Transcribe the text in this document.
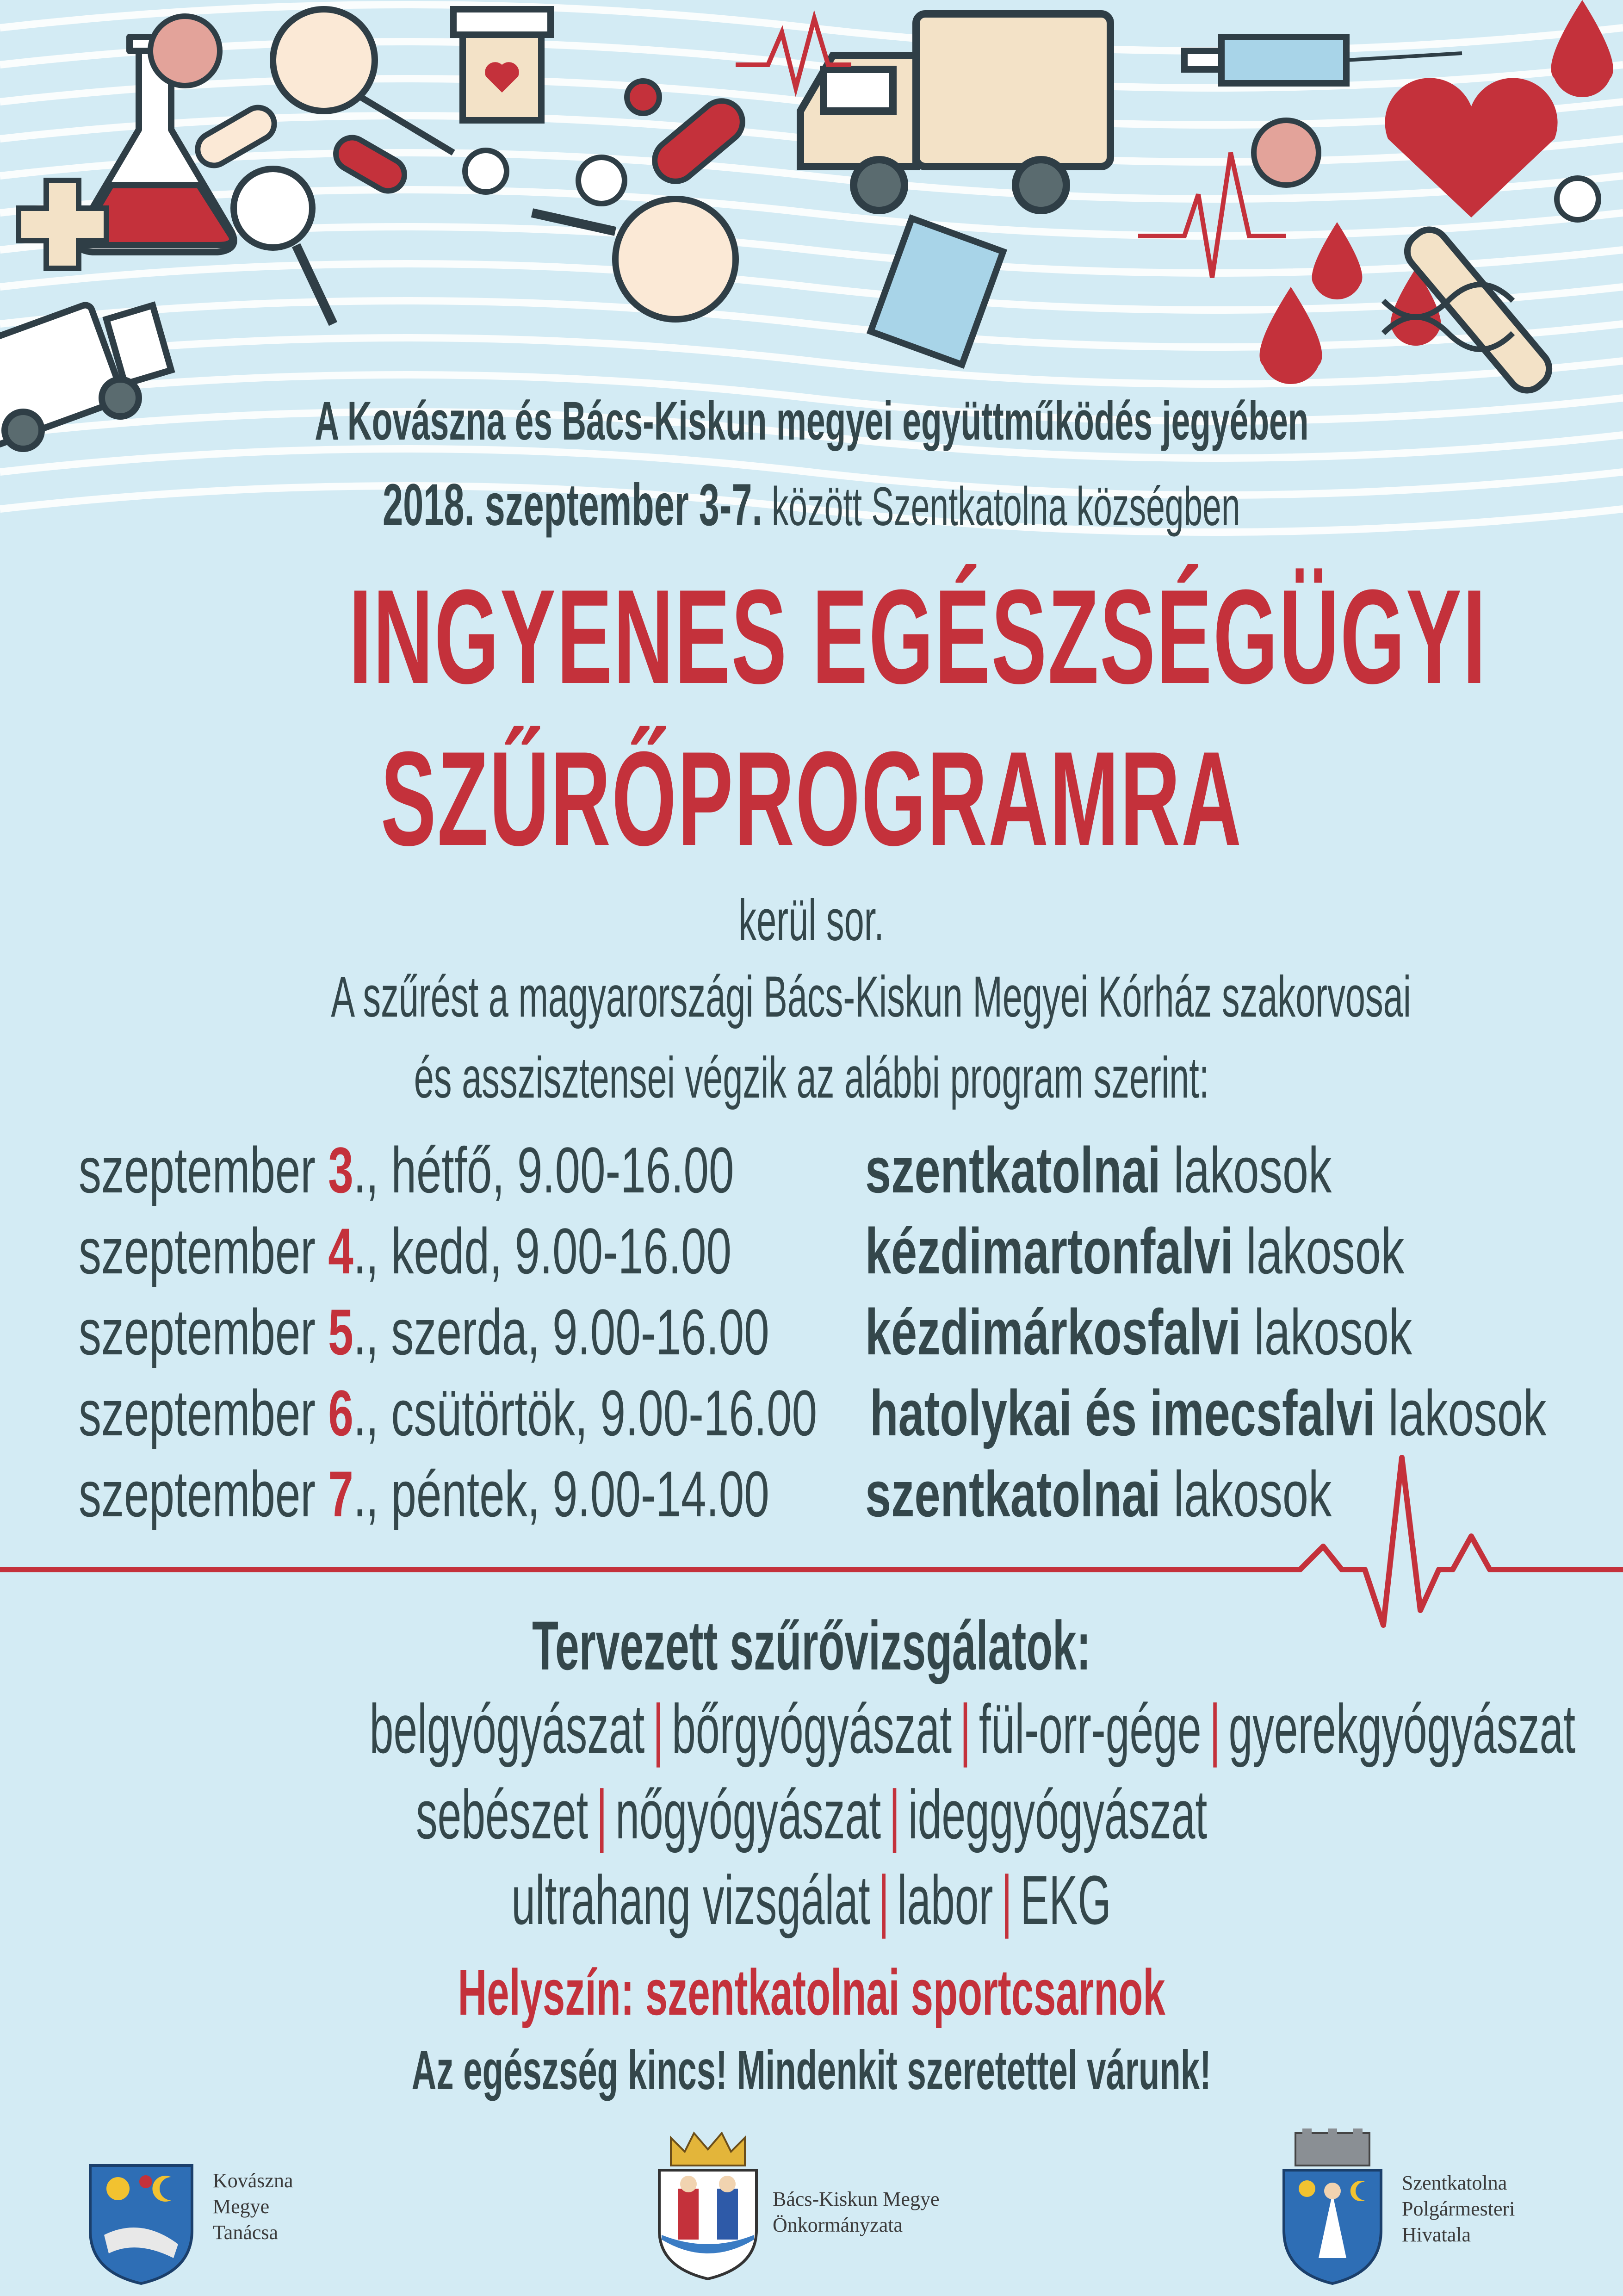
A Kovászna és Bács-Kiskun megyei együttműködés jegyében
2018. szeptember 3-7. között Szentkatolna községben
INGYENES EGÉSZSÉGÜGYI
SZŰRŐPROGRAMRA
kerül sor.
A szűrést a magyarországi Bács-Kiskun Megyei Kórház szakorvosai
és asszisztensei végzik az alábbi program szerint:
szeptember 3., hétfő, 9.00-16.00 szentkatolnai lakosok
szeptember 4., kedd, 9.00-16.00 kézdimartonfalvi lakosok
szeptember 5., szerda, 9.00-16.00 kézdimárkosfalvi lakosok
szeptember 6., csütörtök, 9.00-16.00 hatolykai és imecsfalvi lakosok
szeptember 7., péntek, 9.00-14.00 szentkatolnai lakosok
Tervezett szűrővizsgálatok:
belgyógyászat | bőrgyógyászat | fül-orr-gége | gyerekgyógyászat
sebészet | nőgyógyászat | ideggyógyászat
ultrahang vizsgálat | labor | EKG
Helyszín: szentkatolnai sportcsarnok
Az egészség kincs! Mindenkit szeretettel várunk!
Kovászna
Megye
Tanácsa
Bács-Kiskun Megye
Önkormányzata
Szentkatolna
Polgármesteri
Hivatala
